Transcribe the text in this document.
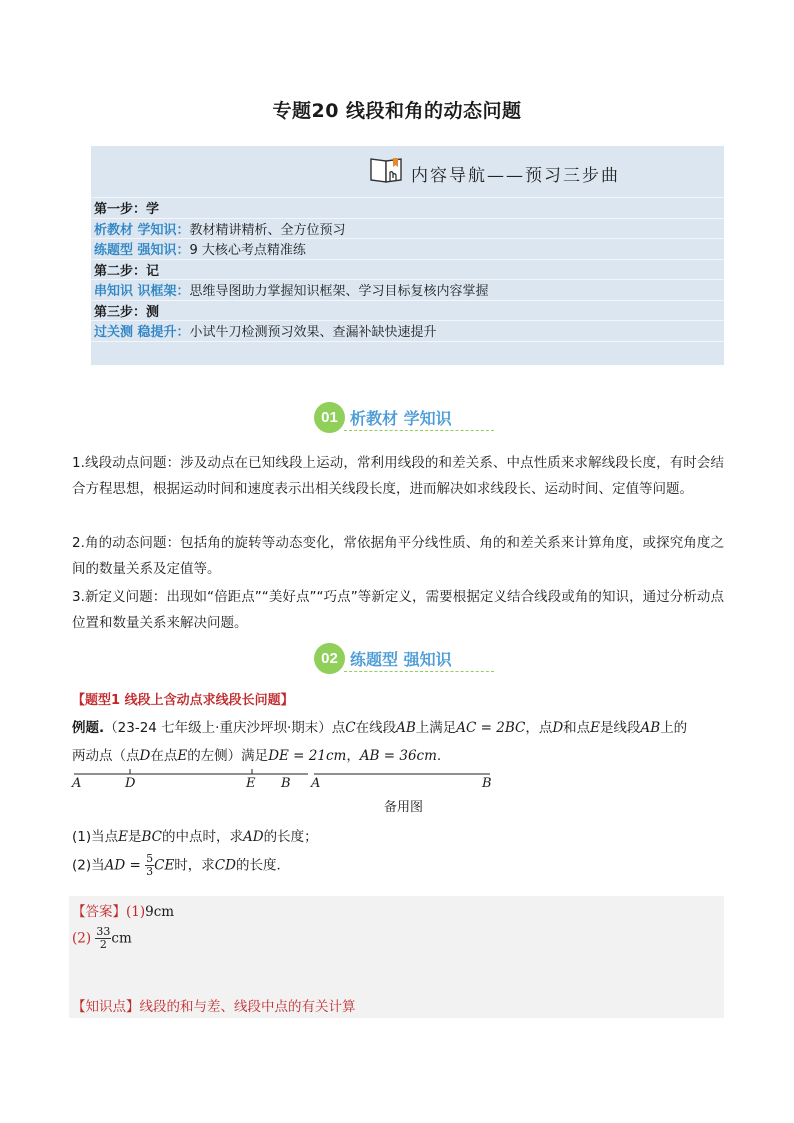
专题20 线段和角的动态问题
内容导航——预习三步曲
第一步：学
析教材 学知识：教材精讲精析、全方位预习
练题型 强知识：9 大核心考点精准练
第二步：记
串知识 识框架：思维导图助力掌握知识框架、学习目标复核内容掌握
第三步：测
过关测 稳提升：小试牛刀检测预习效果、查漏补缺快速提升
01 析教材 学知识
1.线段动点问题：涉及动点在已知线段上运动，常利用线段的和差关系、中点性质来求解线段长度，有时会结合方程思想，根据运动时间和速度表示出相关线段长度，进而解决如求线段长、运动时间、定值等问题。
2.角的动态问题：包括角的旋转等动态变化，常依据角平分线性质、角的和差关系来计算角度，或探究角度之间的数量关系及定值等。
3.新定义问题：出现如“倍距点”“美好点”“巧点”等新定义，需要根据定义结合线段或角的知识，通过分析动点位置和数量关系来解决问题。
02 练题型 强知识
【题型1 线段上含动点求线段长问题】
例题.（23-24 七年级上·重庆沙坪坝·期末）点C在线段AB上满足AC = 2BC，点D和点E是线段AB上的
两动点（点D在点E的左侧）满足DE = 21cm，AB = 36cm.
A	D	E B A	B
备用图
(1)当点E是BC的中点时，求AD的长度；
(2)当AD = $\frac{5}{3}$ CE时，求CD的长度．
【答案】(1)9cm
$(2) \frac{33}{2}$ cm
【知识点】线段的和与差、线段中点的有关计算
